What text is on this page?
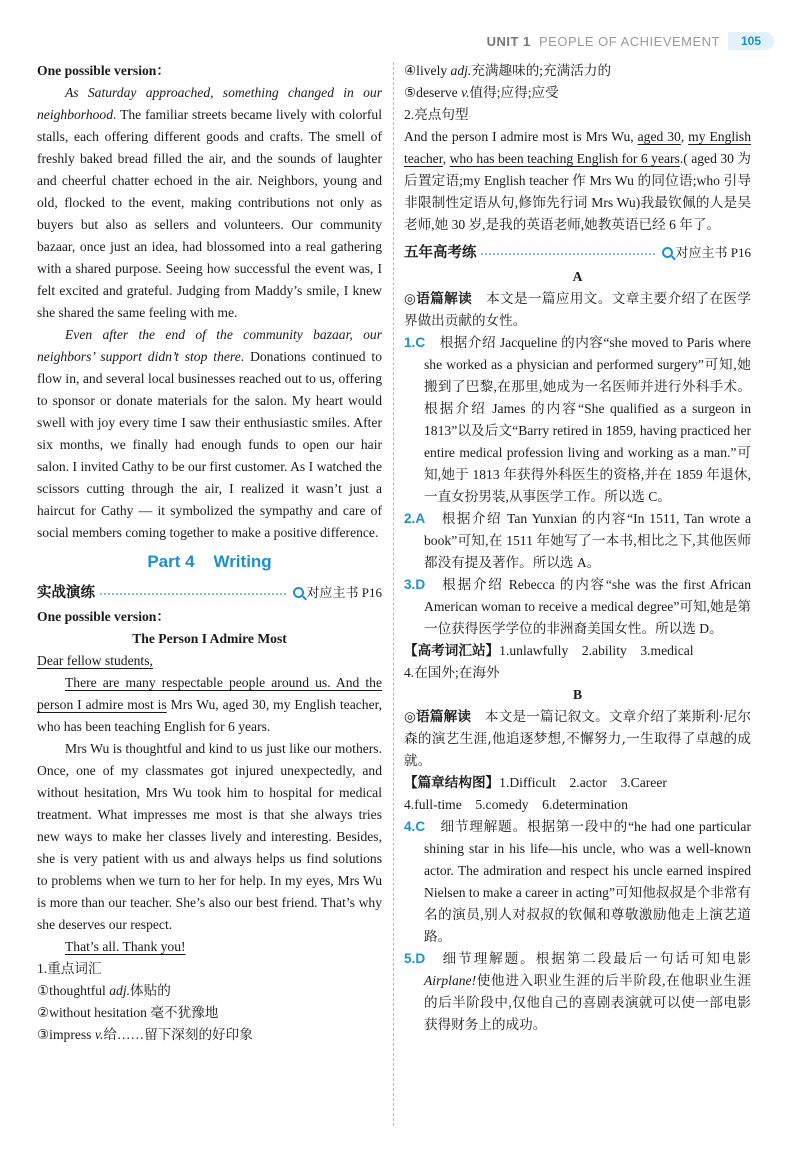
UNIT 1 PEOPLE OF ACHIEVEMENT	105
One possible version：
As Saturday approached, something changed in our neighborhood. The familiar streets became lively with colorful stalls, each offering different goods and crafts. The smell of freshly baked bread filled the air, and the sounds of laughter and cheerful chatter echoed in the air. Neighbors, young and old, flocked to the event, making contributions not only as buyers but also as sellers and volunteers. Our community bazaar, once just an idea, had blossomed into a real gathering with a shared purpose. Seeing how successful the event was, I felt excited and grateful. Judging from Maddy’s smile, I knew she shared the same feeling with me.
Even after the end of the community bazaar, our neighbors’ support didn’t stop there. Donations continued to flow in, and several local businesses reached out to us, offering to sponsor or donate materials for the salon. My heart would swell with joy every time I saw their enthusiastic smiles. After six months, we finally had enough funds to open our hair salon. I invited Cathy to be our first customer. As I watched the scissors cutting through the air, I realized it wasn’t just a haircut for Cathy — it symbolized the sympathy and care of social members coming together to make a positive difference.
Part 4    Writing
实战演练	对应主书 P16
One possible version：
The Person I Admire Most
Dear fellow students,
There are many respectable people around us. And the person I admire most is Mrs Wu, aged 30, my English teacher, who has been teaching English for 6 years.
Mrs Wu is thoughtful and kind to us just like our mothers. Once, one of my classmates got injured unexpectedly, and without hesitation, Mrs Wu took him to hospital for medical treatment. What impresses me most is that she always tries new ways to make her classes lively and interesting. Besides, she is very patient with us and always helps us find solutions to problems when we turn to her for help. In my eyes, Mrs Wu is more than our teacher. She’s also our best friend. That’s why she deserves our respect.
That’s all. Thank you!
1.重点词汇
①thoughtful adj.体贴的
②without hesitation 毫不犹豫地
③impress v.给……留下深刻的好印象
④lively adj.充满趣味的;充满活力的
⑤deserve v.值得;应得;应受
2.亮点句型
And the person I admire most is Mrs Wu, aged 30, my English teacher, who has been teaching English for 6 years.( aged 30 为后置定语;my English teacher 作 Mrs Wu 的同位语;who 引导非限制性定语从句,修饰先行词 Mrs Wu)我最钦佩的人是吴老师,她 30 岁,是我的英语老师,她教英语已经 6 年了。
五年高考练	对应主书 P16
A
◎语篇解读　本文是一篇应用文。文章主要介绍了在医学界做出贡献的女性。
1.C　根据介绍 Jacqueline 的内容“she moved to Paris where she worked as a physician and performed surgery”可知,她搬到了巴黎,在那里,她成为一名医师并进行外科手术。根据介绍 James 的内容“She qualified as a surgeon in 1813”以及后文“Barry retired in 1859, having practiced her entire medical profession living and working as a man.”可知,她于 1813 年获得外科医生的资格,并在 1859 年退休,一直女扮男装,从事医学工作。所以选 C。
2.A　根据介绍 Tan Yunxian 的内容“In 1511, Tan wrote a book”可知,在 1511 年她写了一本书,相比之下,其他医师都没有提及著作。所以选 A。
3.D　根据介绍 Rebecca 的内容“she was the first African American woman to receive a medical degree”可知,她是第一位获得医学学位的非洲裔美国女性。所以选 D。
【高考词汇站】1.unlawfully　2.ability　3.medical
4.在国外;在海外
B
◎语篇解读　本文是一篇记叙文。文章介绍了莱斯利·尼尔森的演艺生涯,他追逐梦想,不懈努力,一生取得了卓越的成就。
【篇章结构图】1.Difficult　2.actor　3.Career
4.full-time　5.comedy　6.determination
4.C　细节理解题。根据第一段中的“he had one particular shining star in his life—his uncle, who was a well-known actor. The admiration and respect his uncle earned inspired Nielsen to make a career in acting”可知他叔叔是个非常有名的演员,别人对叔叔的钦佩和尊敬激励他走上演艺道路。
5.D　细节理解题。根据第二段最后一句话可知电影 Airplane!使他进入职业生涯的后半阶段,在他职业生涯的后半阶段中,仅他自己的喜剧表演就可以使一部电影获得财务上的成功。
